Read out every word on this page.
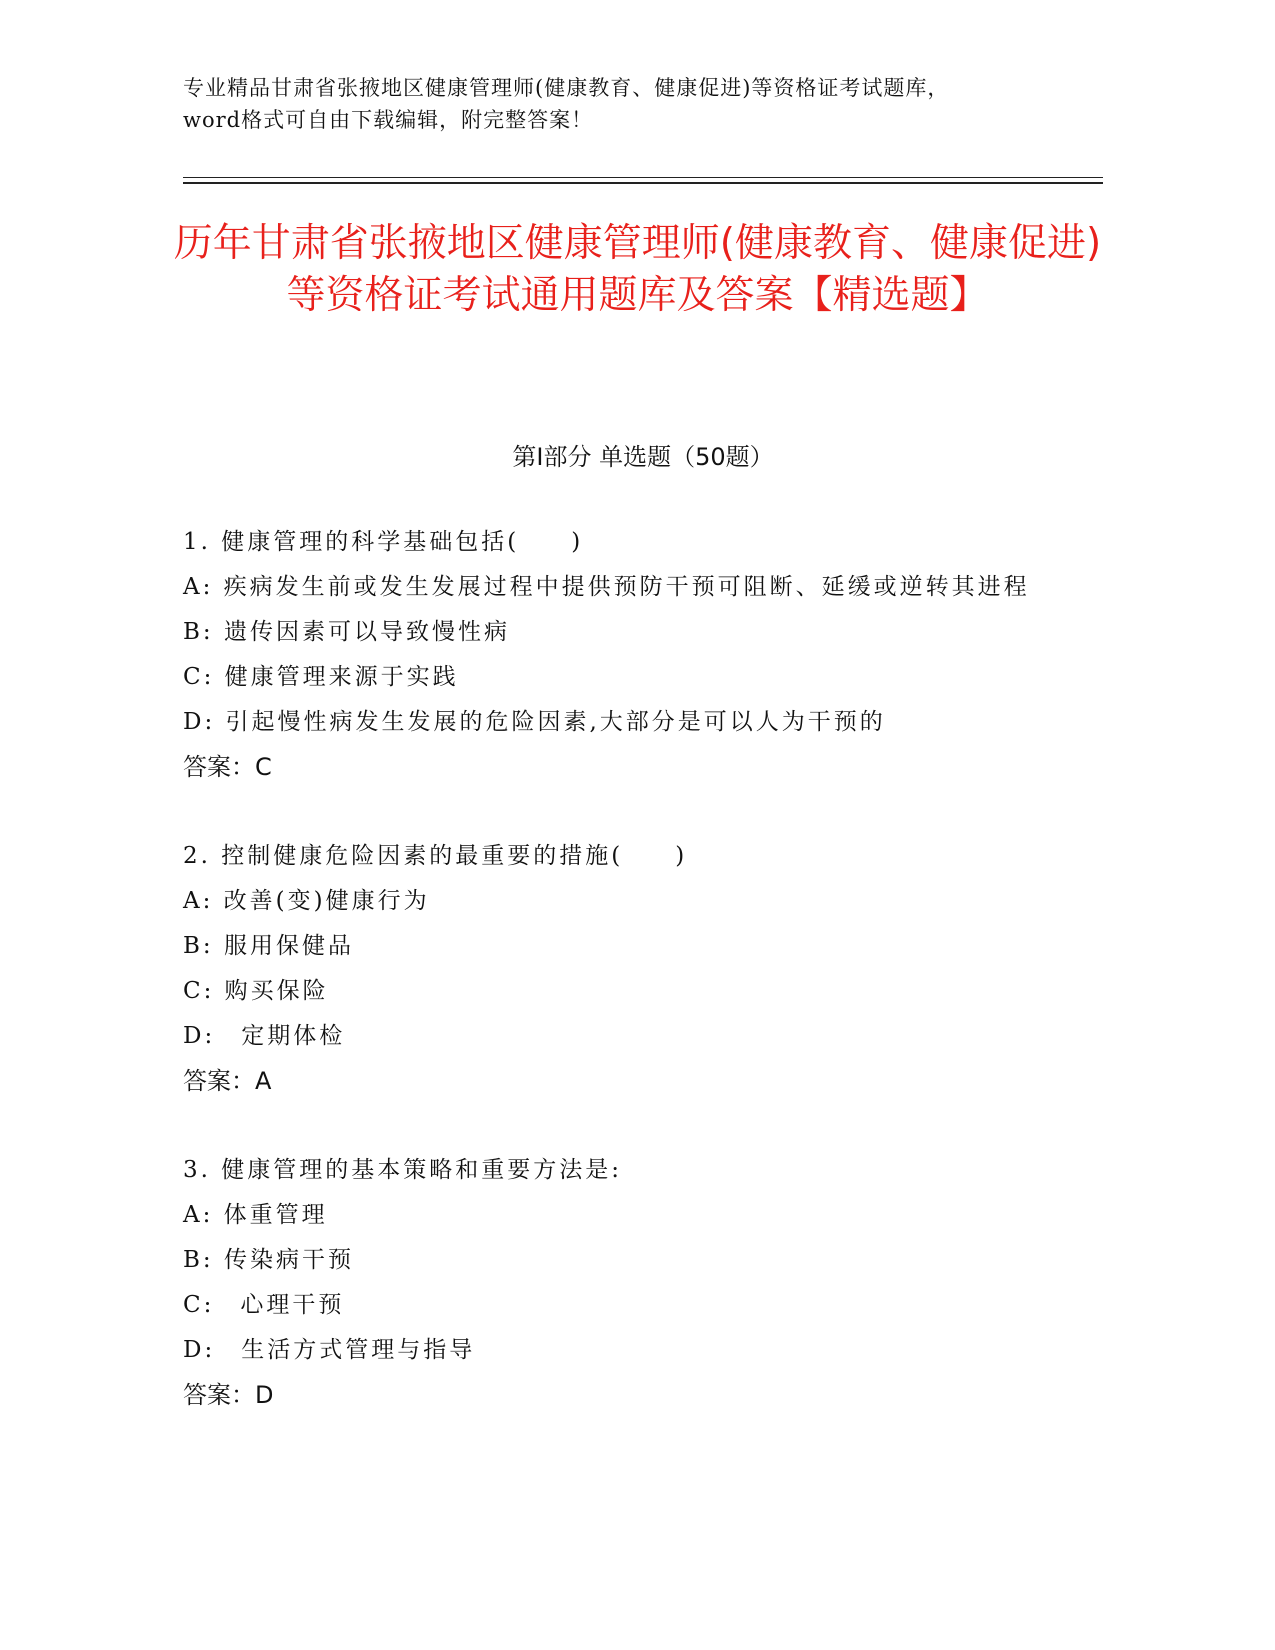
专业精品甘肃省张掖地区健康管理师(健康教育、健康促进)等资格证考试题库，
word格式可自由下载编辑，附完整答案！
历年甘肃省张掖地区健康管理师(健康教育、健康促进)等资格证考试通用题库及答案【精选题】
第Ⅰ部分 单选题（50题）
1. 健康管理的科学基础包括(　　)
A: 疾病发生前或发生发展过程中提供预防干预可阻断、延缓或逆转其进程
B: 遗传因素可以导致慢性病
C: 健康管理来源于实践
D: 引起慢性病发生发展的危险因素,大部分是可以人为干预的
答案：C
2. 控制健康危险因素的最重要的措施(　　)
A: 改善(变)健康行为
B: 服用保健品
C: 购买保险
D:　定期体检
答案：A
3. 健康管理的基本策略和重要方法是:
A: 体重管理
B: 传染病干预
C:　心理干预
D:　生活方式管理与指导
答案：D
